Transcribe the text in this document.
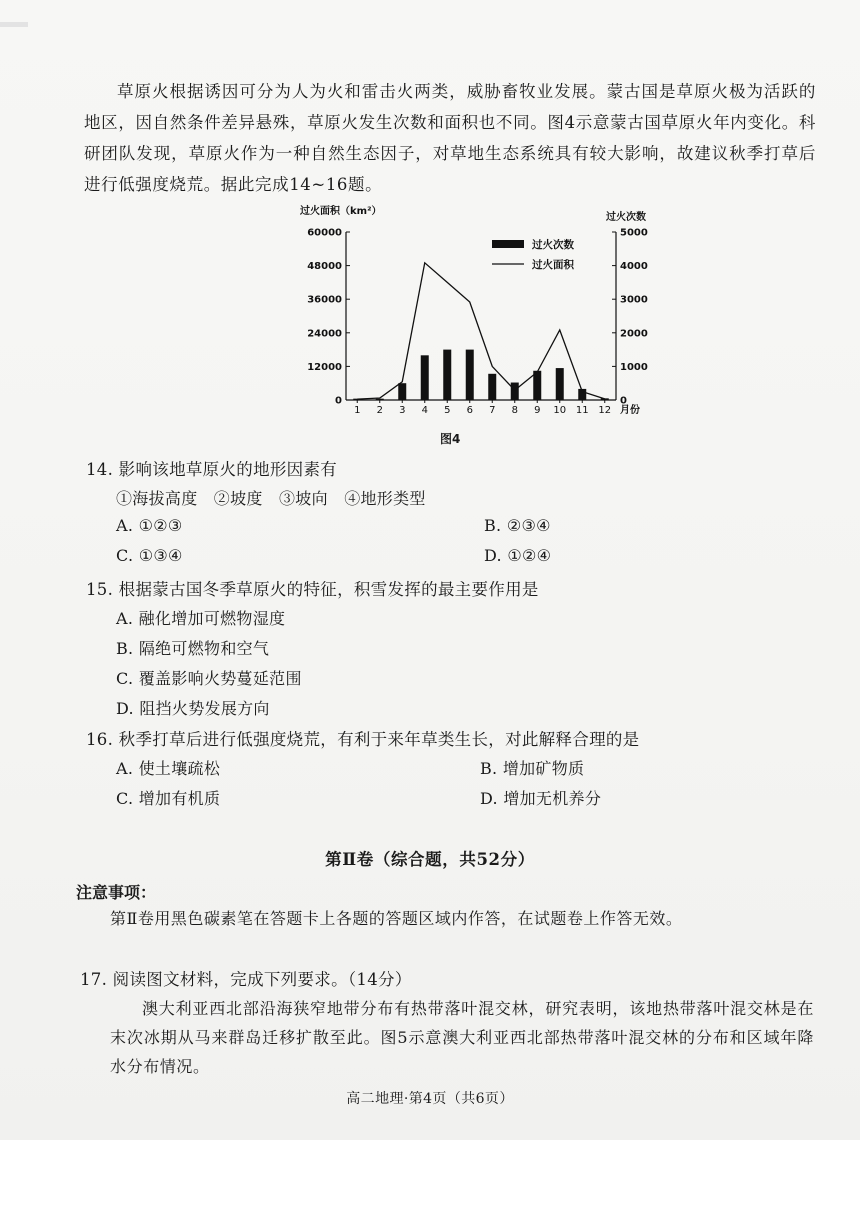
草原火根据诱因可分为人为火和雷击火两类，威胁畜牧业发展。蒙古国是草原火极为活跃的地区，因自然条件差异悬殊，草原火发生次数和面积也不同。图4示意蒙古国草原火年内变化。科研团队发现，草原火作为一种自然生态因子，对草地生态系统具有较大影响，故建议秋季打草后进行低强度烧荒。据此完成14~16题。

过火面积（km²）
过火次数
0
12000
24000
36000
48000
60000
0
1000
2000
3000
4000
5000
1 2 3 4 5 6 7 8 9 10 11 12 月份
过火次数
过火面积
图4
14. 影响该地草原火的地形因素有
①海拔高度　②坡度　③坡向　④地形类型
A. ①②③	B. ②③④
C. ①③④	D. ①②④
15. 根据蒙古国冬季草原火的特征，积雪发挥的最主要作用是
A. 融化增加可燃物湿度
B. 隔绝可燃物和空气
C. 覆盖影响火势蔓延范围
D. 阻挡火势发展方向
16. 秋季打草后进行低强度烧荒，有利于来年草类生长，对此解释合理的是
A. 使土壤疏松	B. 增加矿物质
C. 增加有机质	D. 增加无机养分
第Ⅱ卷（综合题，共52分）
注意事项：
第Ⅱ卷用黑色碳素笔在答题卡上各题的答题区域内作答，在试题卷上作答无效。
17. 阅读图文材料，完成下列要求。（14分）

澳大利亚西北部沿海狭窄地带分布有热带落叶混交林，研究表明，该地热带落叶混交林是在末次冰期从马来群岛迁移扩散至此。图5示意澳大利亚西北部热带落叶混交林的分布和区域年降水分布情况。

高二地理·第4页（共6页）
